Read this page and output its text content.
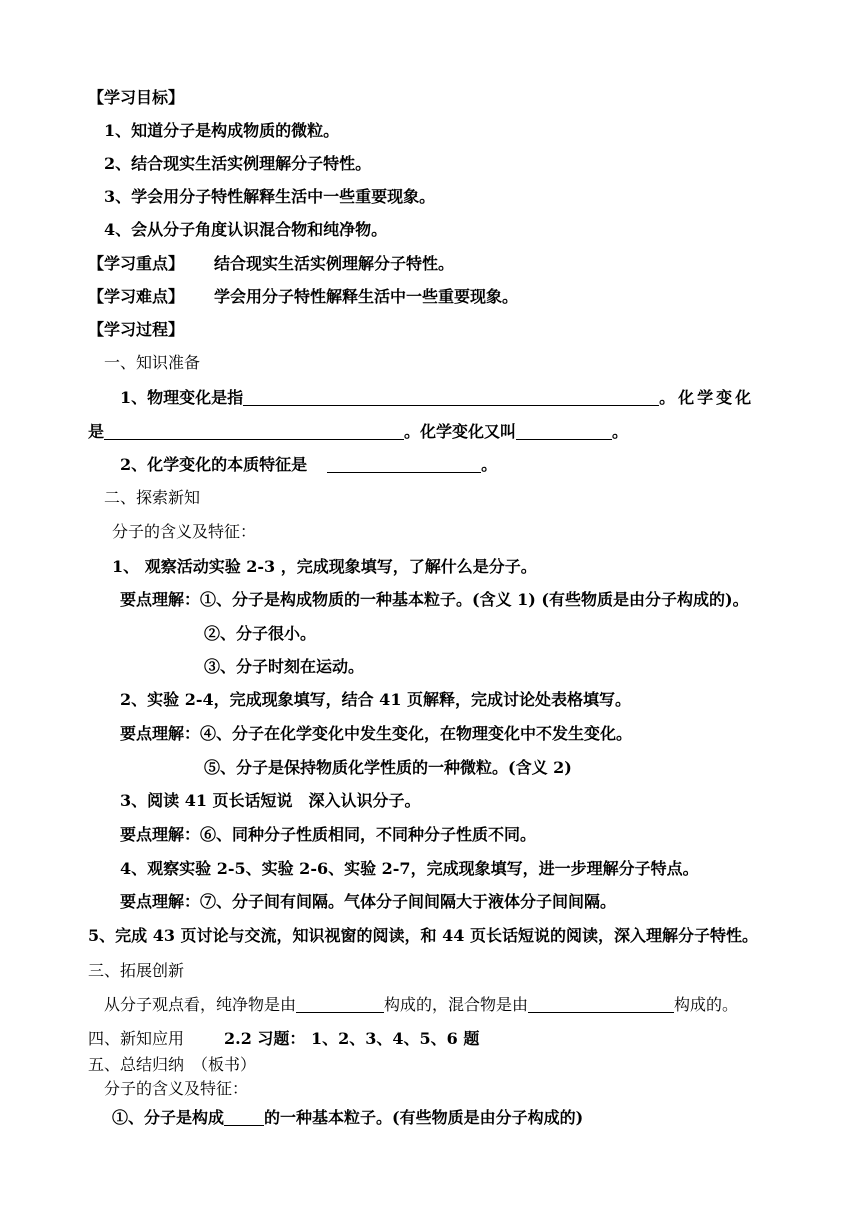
【学习目标】
1、知道分子是构成物质的微粒。
2、结合现实生活实例理解分子特性。
3、学会用分子特性解释生活中一些重要现象。
4、会从分子角度认识混合物和纯净物。
【学习重点】 结合现实生活实例理解分子特性。
【学习难点】 学会用分子特性解释生活中一些重要现象。
【学习过程】
一、知识准备
1、物理变化是指	。化学变化
是	。化学变化又叫	。
2、化学变化的本质特征是	。
二、探索新知
分子的含义及特征：
1、 观察活动实验 2-3 ，完成现象填写，了解什么是分子。
要点理解：①、分子是构成物质的一种基本粒子。(含义 1) (有些物质是由分子构成的)。
②、分子很小。
③、分子时刻在运动。
2、实验 2-4，完成现象填写，结合 41 页解释，完成讨论处表格填写。
要点理解：④、分子在化学变化中发生变化，在物理变化中不发生变化。
⑤、分子是保持物质化学性质的一种微粒。(含义 2)
3、阅读 41 页长话短说　深入认识分子。
要点理解：⑥、同种分子性质相同，不同种分子性质不同。
4、观察实验 2-5、实验 2-6、实验 2-7，完成现象填写，进一步理解分子特点。
要点理解：⑦、分子间有间隔。气体分子间间隔大于液体分子间间隔。
5、完成 43 页讨论与交流，知识视窗的阅读，和 44 页长话短说的阅读，深入理解分子特性。
三、拓展创新
从分子观点看，纯净物是由	构成的，混合物是由	构成的。
四、新知应用	2.2 习题： 1、2、3、4、5、6 题
五、总结归纳　（板书）
分子的含义及特征：
①、分子是构成	的一种基本粒子。(有些物质是由分子构成的)
